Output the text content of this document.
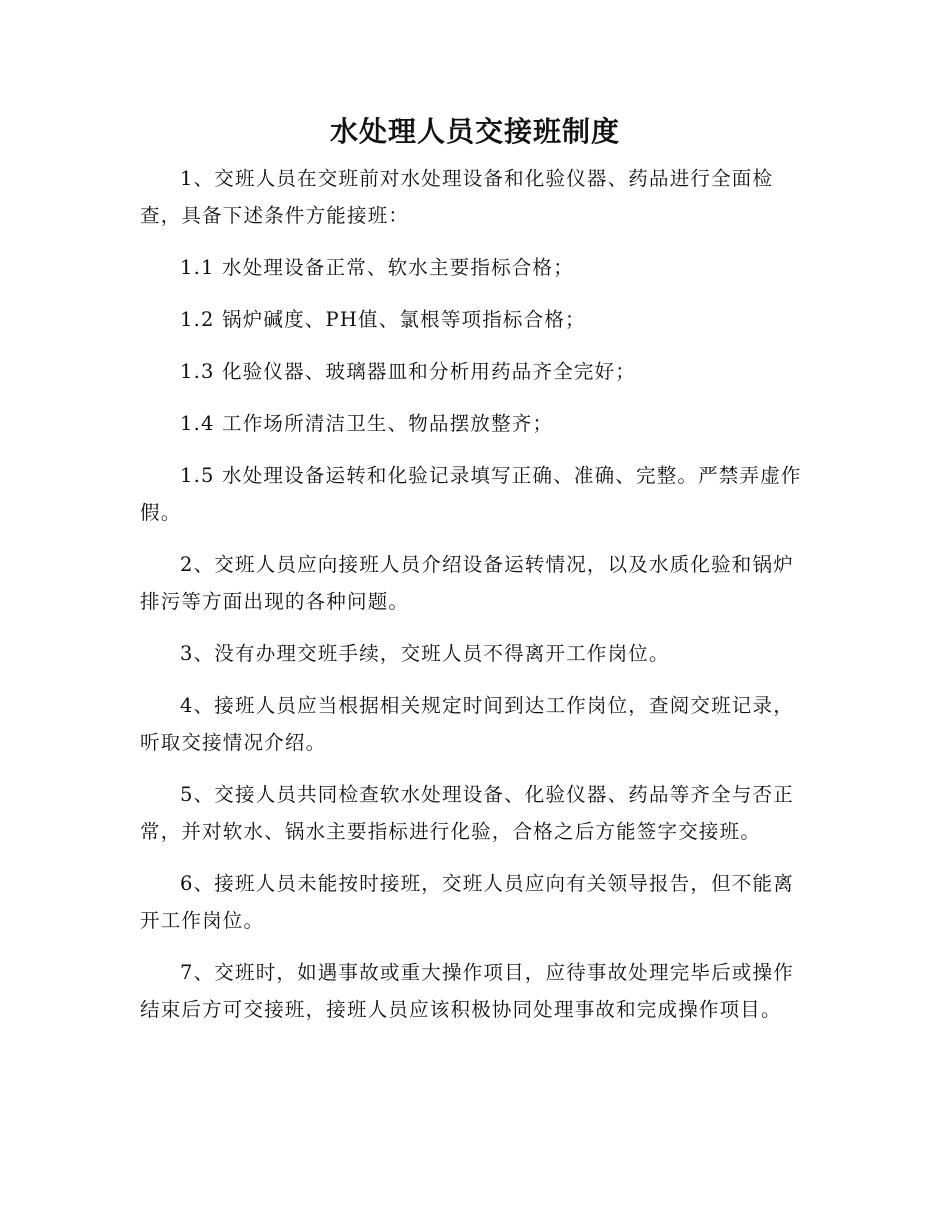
水处理人员交接班制度

1、交班人员在交班前对水处理设备和化验仪器、药品进行全面检查，具备下述条件方能接班：

1.1 水处理设备正常、软水主要指标合格；

1.2 锅炉碱度、PH值、氯根等项指标合格；

1.3 化验仪器、玻璃器皿和分析用药品齐全完好；

1.4 工作场所清洁卫生、物品摆放整齐；

1.5 水处理设备运转和化验记录填写正确、准确、完整。严禁弄虚作假。

2、交班人员应向接班人员介绍设备运转情况，以及水质化验和锅炉排污等方面出现的各种问题。

3、没有办理交班手续，交班人员不得离开工作岗位。

4、接班人员应当根据相关规定时间到达工作岗位，查阅交班记录，听取交接情况介绍。

5、交接人员共同检查软水处理设备、化验仪器、药品等齐全与否正常，并对软水、锅水主要指标进行化验，合格之后方能签字交接班。

6、接班人员未能按时接班，交班人员应向有关领导报告，但不能离开工作岗位。

7、交班时，如遇事故或重大操作项目，应待事故处理完毕后或操作结束后方可交接班，接班人员应该积极协同处理事故和完成操作项目。
